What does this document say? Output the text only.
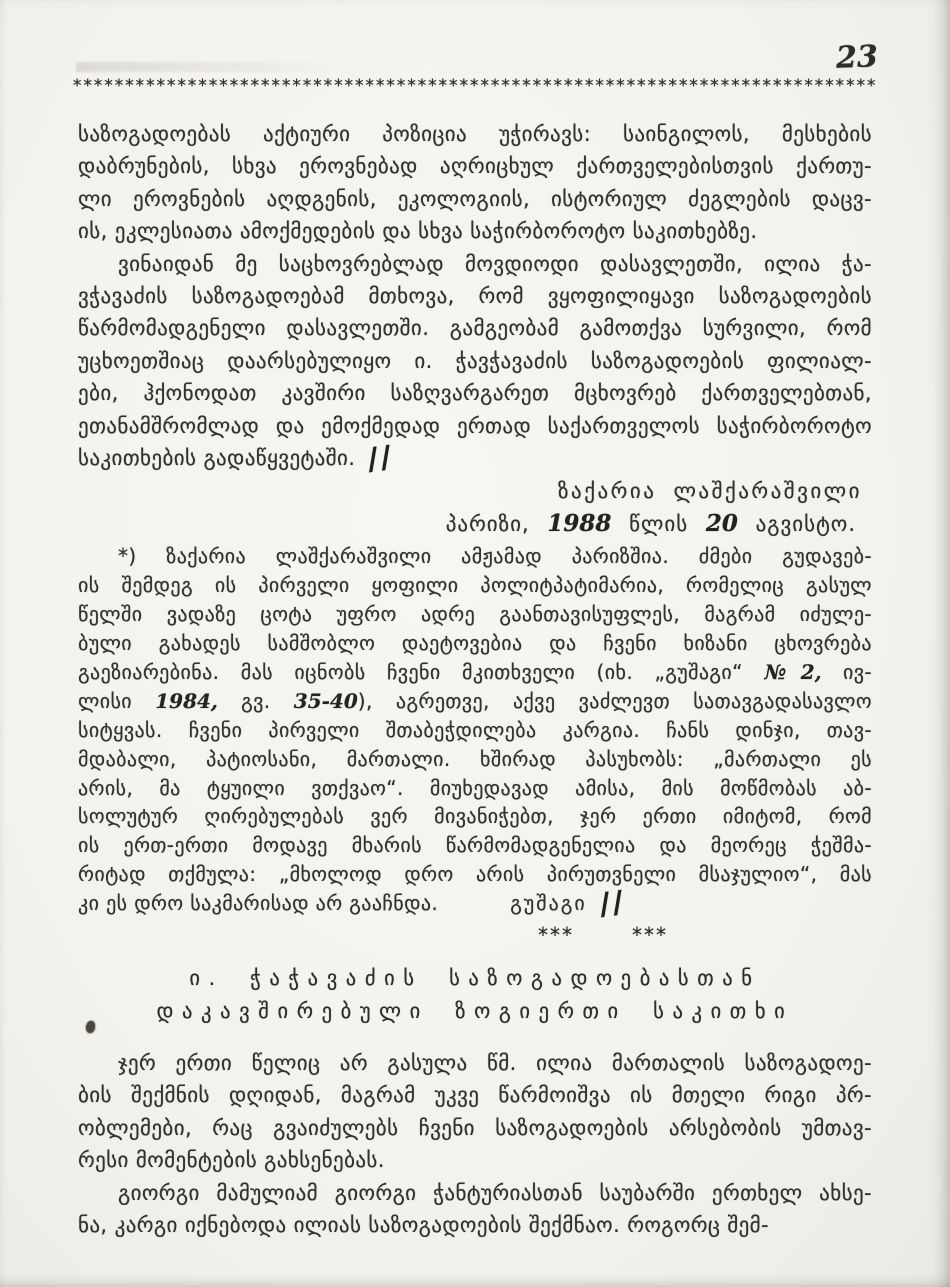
23
*****************************************************************************
საზოგადოებას აქტიური პოზიცია უჭირავს: საინგილოს, მესხების
დაბრუნების, სხვა ეროვნებად აღრიცხულ ქართველებისთვის ქართუ-
ლი ეროვნების აღდგენის, ეკოლოგიის, ისტორიულ ძეგლების დაცვ-
ის, ეკლესიათა ამოქმედების და სხვა საჭირბოროტო საკითხებზე.
ვინაიდან მე საცხოვრებლად მოვდიოდი დასავლეთში, ილია ჭა-
ვჭავაძის საზოგადოებამ მთხოვა, რომ ვყოფილიყავი საზოგადოების
წარმომადგენელი დასავლეთში. გამგეობამ გამოთქვა სურვილი, რომ
უცხოეთშიაც დაარსებულიყო ი. ჭავჭავაძის საზოგადოების ფილიალ-
ები, ჰქონოდათ კავშირი საზღვარგარეთ მცხოვრებ ქართველებთან,
ეთანამშრომლად და ემოქმედად ერთად საქართველოს საჭირბოროტო
საკითხების გადაწყვეტაში. //
ზაქარია ლაშქარაშვილი
პარიზი, 1988 წლის 20 აგვისტო.
*) ზაქარია ლაშქარაშვილი ამჟამად პარიზშია. ძმები გუდავებ-
ის შემდეგ ის პირველი ყოფილი პოლიტპატიმარია, რომელიც გასულ
წელში ვადაზე ცოტა უფრო ადრე გაანთავისუფლეს, მაგრამ იძულე-
ბული გახადეს სამშობლო დაეტოვებია და ჩვენი ხიზანი ცხოვრება
გაეზიარებინა. მას იცნობს ჩვენი მკითხველი (იხ. „გუშაგი“ №2, ივ-
ლისი 1984, გვ. 35-40), აგრეთვე, აქვე ვაძლევთ სათავგადასავლო
სიტყვას. ჩვენი პირველი შთაბეჭდილება კარგია. ჩანს დინჯი, თავ-
მდაბალი, პატიოსანი, მართალი. ხშირად პასუხობს: „მართალი ეს
არის, მა ტყუილი ვთქვაო“. მიუხედავად ამისა, მის მოწმობას აბ-
სოლუტურ ღირებულებას ვერ მივანიჭებთ, ჯერ ერთი იმიტომ, რომ
ის ერთ-ერთი მოდავე მხარის წარმომადგენელია და მეორეც ჭეშმა-
რიტად თქმულა: „მხოლოდ დრო არის პირუთვნელი მსაჯულიო“, მას
კი ეს დრო საკმარისად არ გააჩნდა.	გუშაგი //
***	***
ი. ჭაჭავაძის საზოგადოებასთან
დაკავშირებული ზოგიერთი საკითხი
ჯერ ერთი წელიც არ გასულა წმ. ილია მართალის საზოგადოე-
ბის შექმნის დღიდან, მაგრამ უკვე წარმოიშვა ის მთელი რიგი პრ-
ობლემები, რაც გვაიძულებს ჩვენი საზოგადოების არსებობის უმთავ-
რესი მომენტების გახსენებას.
გიორგი მამულიამ გიორგი ჭანტურიასთან საუბარში ერთხელ ახსე-
ნა, კარგი იქნებოდა ილიას საზოგადოების შექმნაო. როგორც შემ-
